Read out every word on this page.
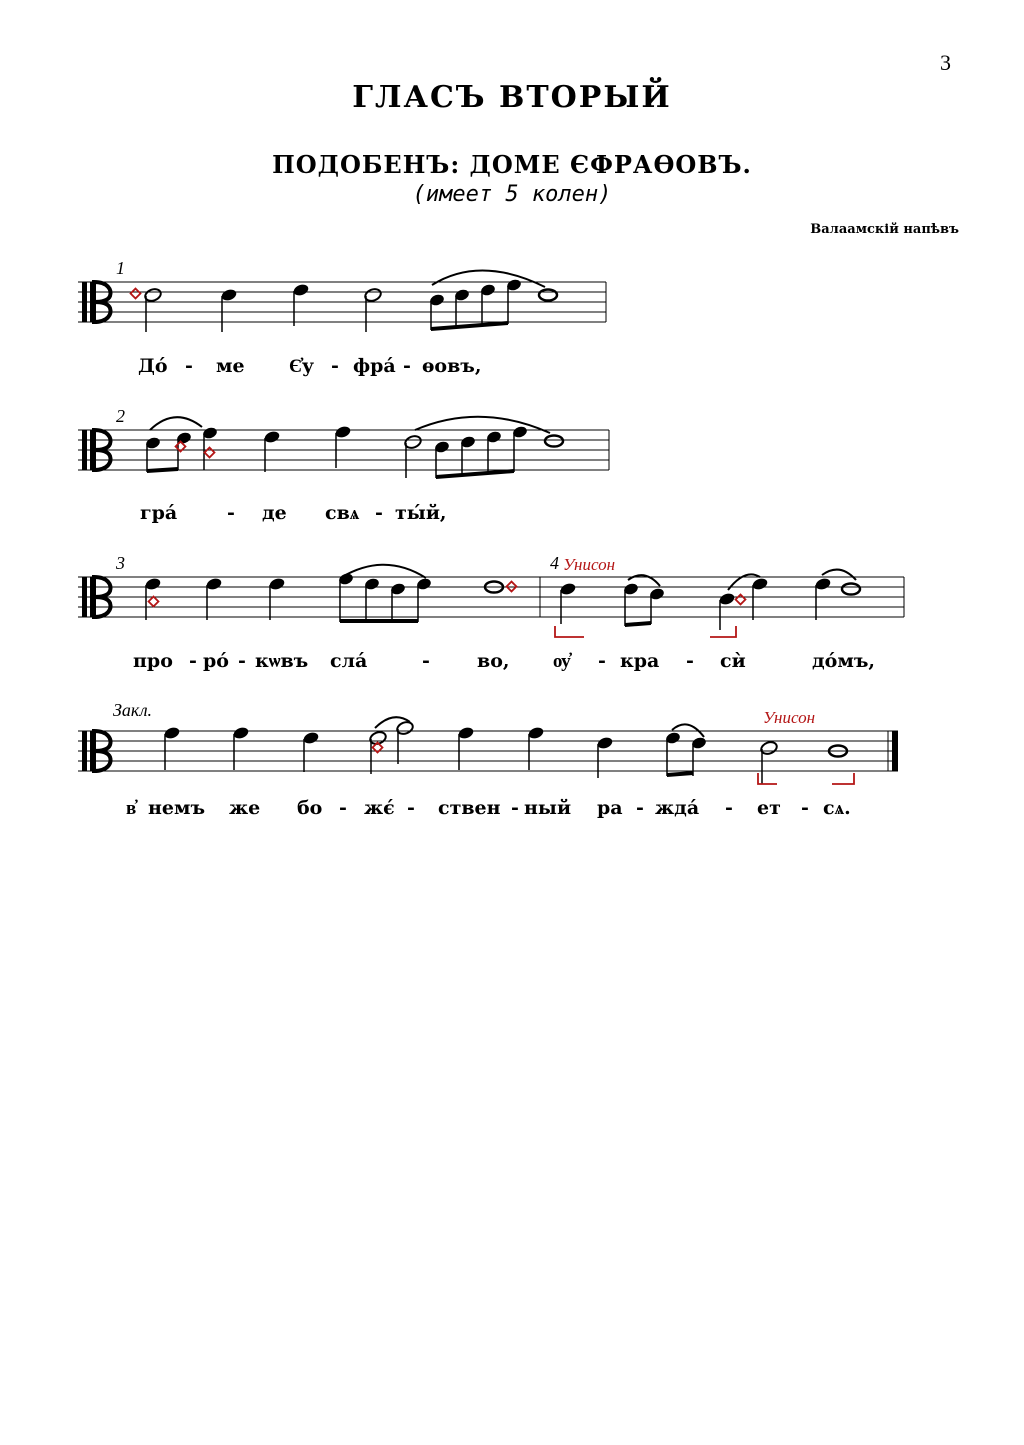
3
ГЛАСЪ ВТОРЫЙ
ПОДОБЕНЪ: ДОМЕ ЄФРАѲОВЪ.
(имеет 5 колен)
Валаамскій напѣвъ
1
2
3	4 Унисон
Закл.	Унисон
До́ - ме Є҆у - фра́ - ѳовъ,
гра́	- де свѧ - ты́й,
про - ро́ - кѡвъ сла́	- во, ѹ҆ - кра - сѝ	до́мъ,
в҆ немъ же бо - жє́ - ствен - ный ра - жда́ - ет - сѧ.
